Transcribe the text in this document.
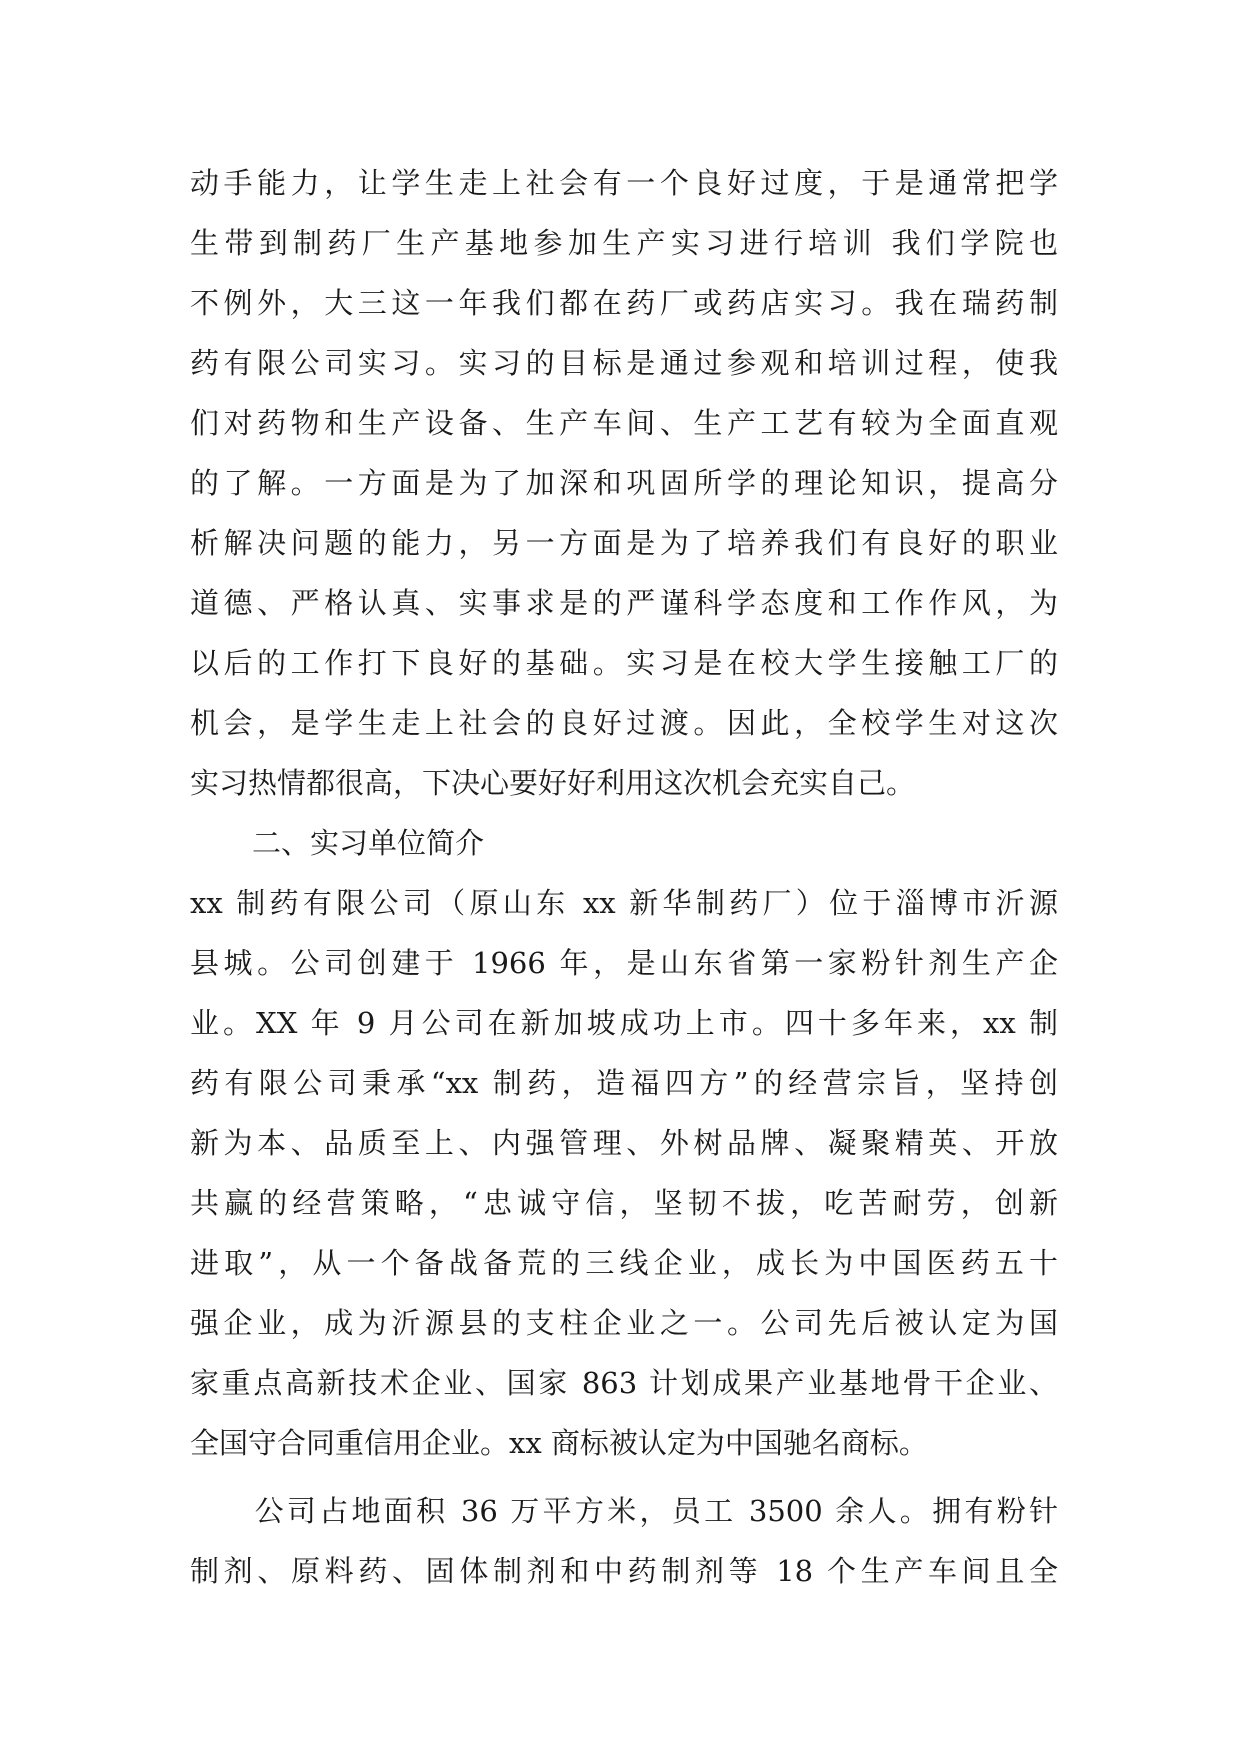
动手能力，让学生走上社会有一个良好过度，于是通常把学
生带到制药厂生产基地参加生产实习进行培训 我们学院也
不例外，大三这一年我们都在药厂或药店实习。我在瑞药制
药有限公司实习。实习的目标是通过参观和培训过程，使我
们对药物和生产设备、生产车间、生产工艺有较为全面直观
的了解。一方面是为了加深和巩固所学的理论知识，提高分
析解决问题的能力，另一方面是为了培养我们有良好的职业
道德、严格认真、实事求是的严谨科学态度和工作作风，为
以后的工作打下良好的基础。实习是在校大学生接触工厂的
机会，是学生走上社会的良好过渡。因此，全校学生对这次
实习热情都很高，下决心要好好利用这次机会充实自己。
二、实习单位简介
xx 制药有限公司（原山东 xx 新华制药厂）位于淄博市沂源
县城。公司创建于 1966 年，是山东省第一家粉针剂生产企
业。XX 年 9 月公司在新加坡成功上市。四十多年来，xx 制
药有限公司秉承“xx 制药，造福四方”的经营宗旨，坚持创
新为本、品质至上、内强管理、外树品牌、凝聚精英、开放
共赢的经营策略，“忠诚守信，坚韧不拔，吃苦耐劳，创新
进取”，从一个备战备荒的三线企业，成长为中国医药五十
强企业，成为沂源县的支柱企业之一。公司先后被认定为国
家重点高新技术企业、国家 863 计划成果产业基地骨干企业、
全国守合同重信用企业。xx 商标被认定为中国驰名商标。
　　公司占地面积 36 万平方米，员工 3500 余人。拥有粉针
制剂、原料药、固体制剂和中药制剂等 18 个生产车间且全
